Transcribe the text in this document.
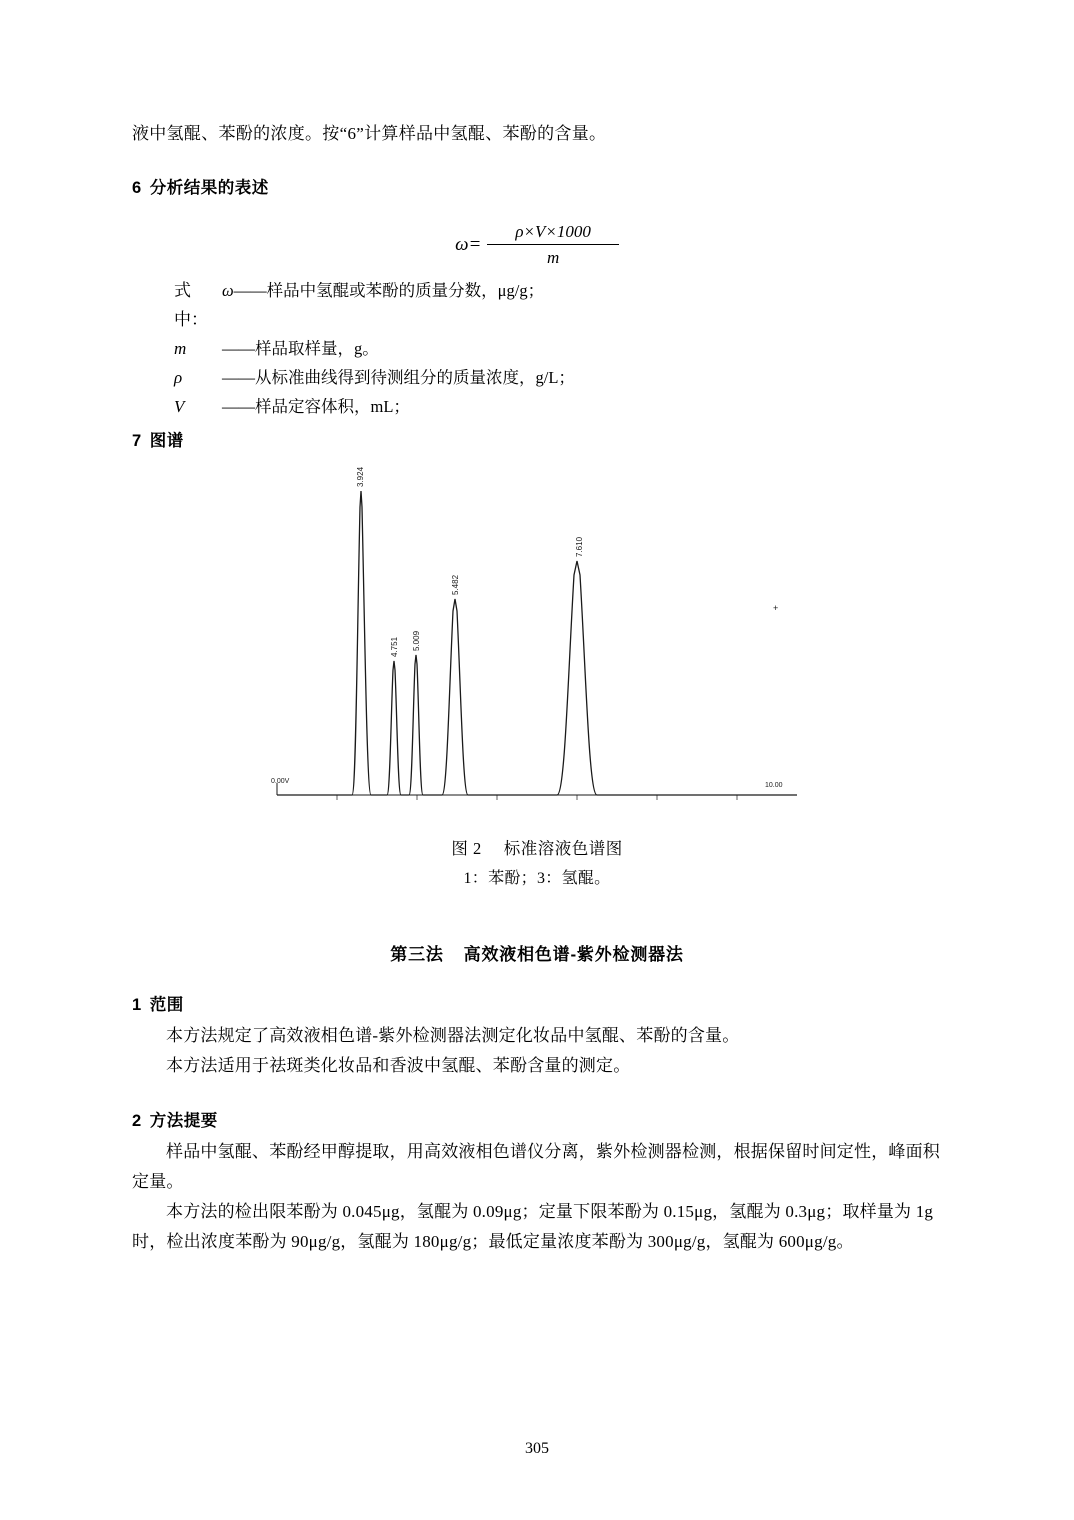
液中氢醌、苯酚的浓度。按“6”计算样品中氢醌、苯酚的含量。
6 分析结果的表述
$\omega= \frac{\rho\times V\times 1000}{m}$
式中：
ω——样品中氢醌或苯酚的质量分数，μg/g；
m	——样品取样量，g。
ρ	——从标准曲线得到待测组分的质量浓度，g/L；
V	——样品定容体积，mL；
7 图谱
3.924
4.751 5.009
5.482
7.610
0.00V
10.00
+
图 2 标准溶液色谱图
1：苯酚；3：氢醌。
第三法 高效液相色谱-紫外检测器法
1 范围
本方法规定了高效液相色谱-紫外检测器法测定化妆品中氢醌、苯酚的含量。
本方法适用于祛斑类化妆品和香波中氢醌、苯酚含量的测定。
2 方法提要
样品中氢醌、苯酚经甲醇提取，用高效液相色谱仪分离，紫外检测器检测，根据保留时间定性，峰面积定量。
本方法的检出限苯酚为 0.045μg，氢醌为 0.09μg；定量下限苯酚为 0.15μg，氢醌为 0.3μg；取样量为 1g 时，检出浓度苯酚为 90μg/g，氢醌为 180μg/g；最低定量浓度苯酚为 300μg/g，氢醌为 600μg/g。
305
